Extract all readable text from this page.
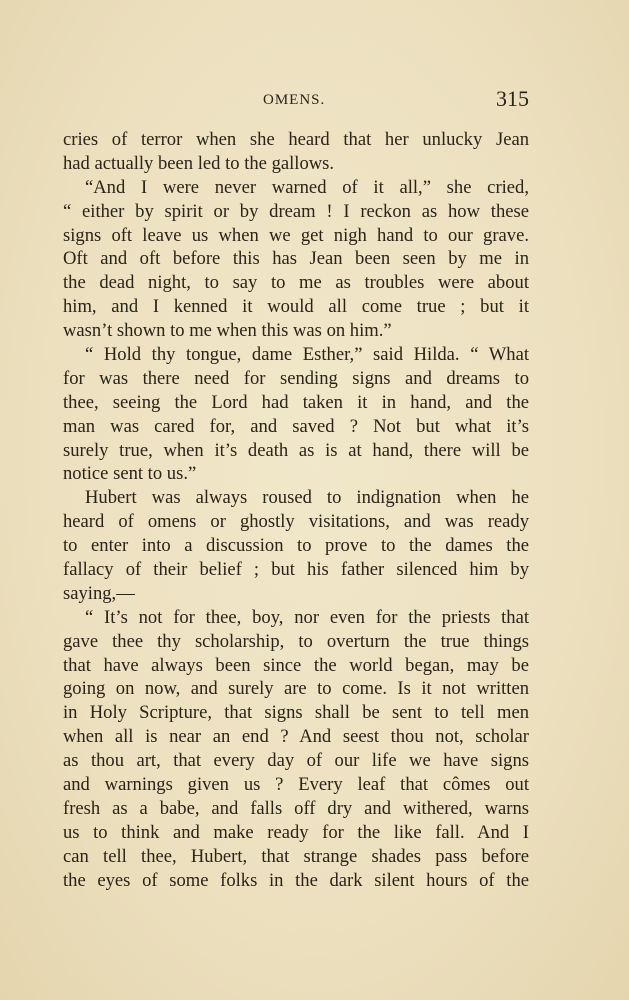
OMENS.	315
cries of terror when she heard that her unlucky Jean
had actually been led to the gallows.
“And I were never warned of it all,” she cried,
“ either by spirit or by dream ! I reckon as how these
signs oft leave us when we get nigh hand to our grave.
Oft and oft before this has Jean been seen by me in
the dead night, to say to me as troubles were about
him, and I kenned it would all come true ; but it
wasn’t shown to me when this was on him.”
“ Hold thy tongue, dame Esther,” said Hilda. “ What
for was there need for sending signs and dreams to
thee, seeing the Lord had taken it in hand, and the
man was cared for, and saved ? Not but what it’s
surely true, when it’s death as is at hand, there will be
notice sent to us.”
Hubert was always roused to indignation when he
heard of omens or ghostly visitations, and was ready
to enter into a discussion to prove to the dames the
fallacy of their belief ; but his father silenced him by
saying,—
“ It’s not for thee, boy, nor even for the priests that
gave thee thy scholarship, to overturn the true things
that have always been since the world began, may be
going on now, and surely are to come. Is it not written
in Holy Scripture, that signs shall be sent to tell men
when all is near an end ? And seest thou not, scholar
as thou art, that every day of our life we have signs
and warnings given us ? Every leaf that cômes out
fresh as a babe, and falls off dry and withered, warns
us to think and make ready for the like fall. And I
can tell thee, Hubert, that strange shades pass before
the eyes of some folks in the dark silent hours of the
